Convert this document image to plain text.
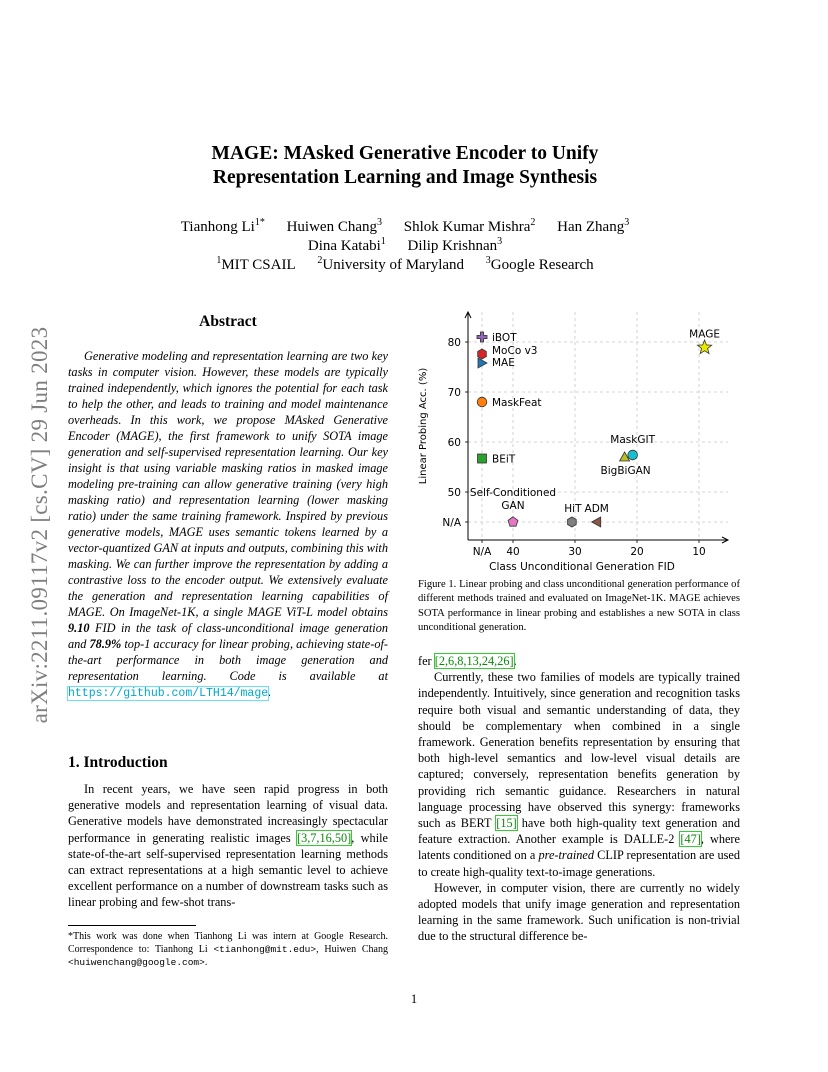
arXiv:2211.09117v2 [cs.CV] 29 Jun 2023
MAGE: MAsked Generative Encoder to Unify
Representation Learning and Image Synthesis
Tianhong $Li^{1*}$ Huiwen Chang$^3$ Shlok Kumar Mishra$^2$ Han Zhang$^3$
Dina Katabi$^1$ Dilip Krishnan$^3$
$^1$MIT CSAIL $^2$University of Maryland $^3$Google Research
Abstract
Generative modeling and representation learning are two key tasks in computer vision. However, these models are typically trained independently, which ignores the potential for each task to help the other, and leads to training and model maintenance overheads. In this work, we propose MAsked Generative Encoder (MAGE), the first framework to unify SOTA image generation and self-supervised representation learning. Our key insight is that using variable masking ratios in masked image modeling pre-training can allow generative training (very high masking ratio) and representation learning (lower masking ratio) under the same training framework. Inspired by previous generative models, MAGE uses semantic tokens learned by a vector-quantized GAN at inputs and outputs, combining this with masking. We can further improve the representation by adding a contrastive loss to the encoder output. We extensively evaluate the generation and representation learning capabilities of MAGE. On ImageNet-1K, a single MAGE ViT-L model obtains 9.10 FID in the task of class-unconditional image generation and 78.9% top-1 accuracy for linear probing, achieving state-of-the-art performance in both image generation and representation learning. Code is available at https://github.com/LTH14/mage.
1. Introduction
In recent years, we have seen rapid progress in both generative models and representation learning of visual data. Generative models have demonstrated increasingly spectacular performance in generating realistic images [3,7,16,50], while state-of-the-art self-supervised representation learning methods can extract representations at a high semantic level to achieve excellent performance on a number of downstream tasks such as linear probing and few-shot trans-
*This work was done when Tianhong Li was intern at Google Research. Correspondence to: Tianhong Li <tianhong@mit.edu>, Huiwen Chang <huiwenchang@google.com>.
N/A 40	30	20	10
N/A
50
60
70
80
Class Unconditional Generation FID
Linear Probing Acc. (%)
iBOT
MoCo v3
MAE
MaskFeat
BEiT
Self-Conditioned GAN	HiT ADM
MaskGIT
BigBiGAN
MAGE
Figure 1. Linear probing and class unconditional generation performance of different methods trained and evaluated on ImageNet-1K. MAGE achieves SOTA performance in linear probing and establishes a new SOTA in class unconditional generation.
fer [2,6,8,13,24,26].

Currently, these two families of models are typically trained independently. Intuitively, since generation and recognition tasks require both visual and semantic understanding of data, they should be complementary when combined in a single framework. Generation benefits representation by ensuring that both high-level semantics and low-level visual details are captured; conversely, representation benefits generation by providing rich semantic guidance. Researchers in natural language processing have observed this synergy: frameworks such as BERT [15] have both high-quality text generation and feature extraction. Another example is DALLE-2 [47], where latents conditioned on a pre-trained CLIP representation are used to create high-quality text-to-image generations.

However, in computer vision, there are currently no widely adopted models that unify image generation and representation learning in the same framework. Such unification is non-trivial due to the structural difference be-

1
